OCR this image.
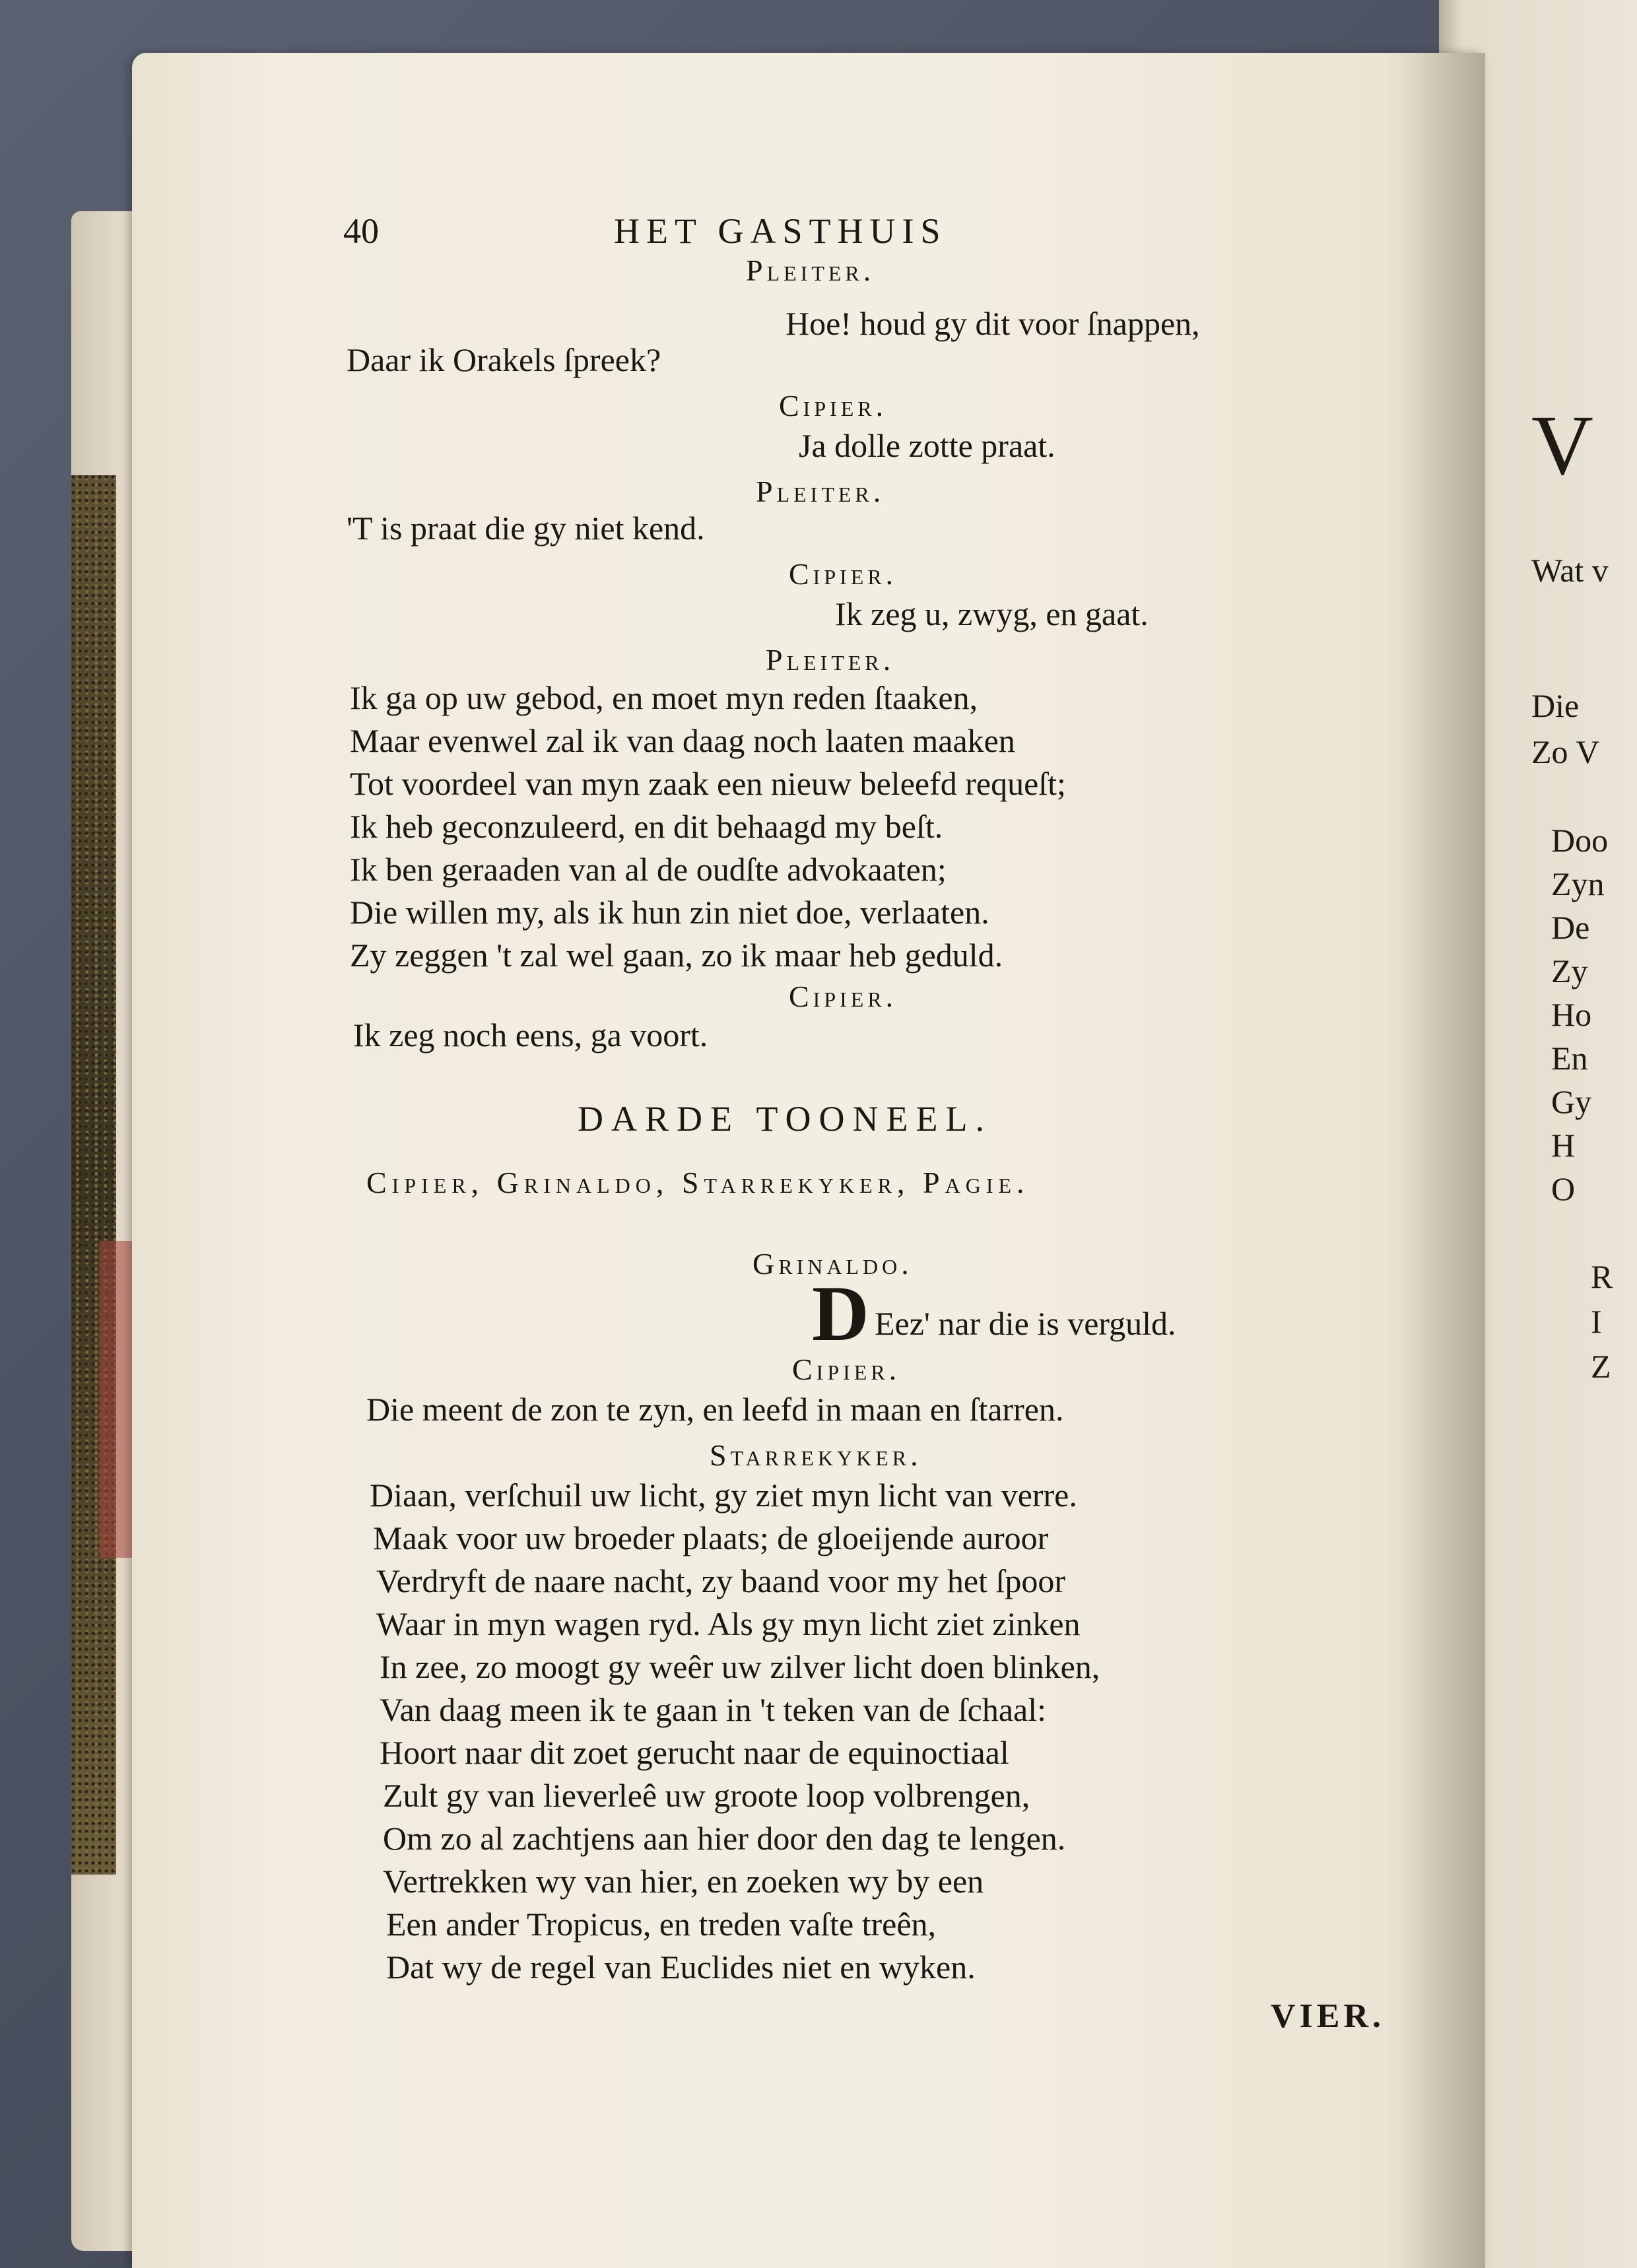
V
Wat v
Die
Zo V
Doo
Zyn
De
Zy
Ho
En
Gy
H
O
R
I
Z
40	HET GASTHUIS
Pleiter.
Hoe! houd gy dit voor ſnappen,
Daar ik Orakels ſpreek?
Cipier.
Ja dolle zotte praat.
Pleiter.
'T is praat die gy niet kend.
Cipier.
Ik zeg u, zwyg, en gaat.
Pleiter.
Ik ga op uw gebod, en moet myn reden ſtaaken,
Maar evenwel zal ik van daag noch laaten maaken
Tot voordeel van myn zaak een nieuw beleefd requeſt;
Ik heb geconzuleerd, en dit behaagd my beſt.
Ik ben geraaden van al de oudſte advokaaten;
Die willen my, als ik hun zin niet doe, verlaaten.
Zy zeggen 't zal wel gaan, zo ik maar heb geduld.
Cipier.
Ik zeg noch eens, ga voort.
DARDE TOONEEL.
Cipier, Grinaldo, Starrekyker, Pagie.
Grinaldo.
D Eez' nar die is verguld.
Cipier.
Die meent de zon te zyn, en leefd in maan en ſtarren.
Starrekyker.
Diaan, verſchuil uw licht, gy ziet myn licht van verre.
Maak voor uw broeder plaats; de gloeijende auroor
Verdryft de naare nacht, zy baand voor my het ſpoor
Waar in myn wagen ryd. Als gy myn licht ziet zinken
In zee, zo moogt gy weêr uw zilver licht doen blinken,
Van daag meen ik te gaan in 't teken van de ſchaal:
Hoort naar dit zoet gerucht naar de equinoctiaal
Zult gy van lieverleê uw groote loop volbrengen,
Om zo al zachtjens aan hier door den dag te lengen.
Vertrekken wy van hier, en zoeken wy by een
Een ander Tropicus, en treden vaſte treên,
Dat wy de regel van Euclides niet en wyken.
VIER.
